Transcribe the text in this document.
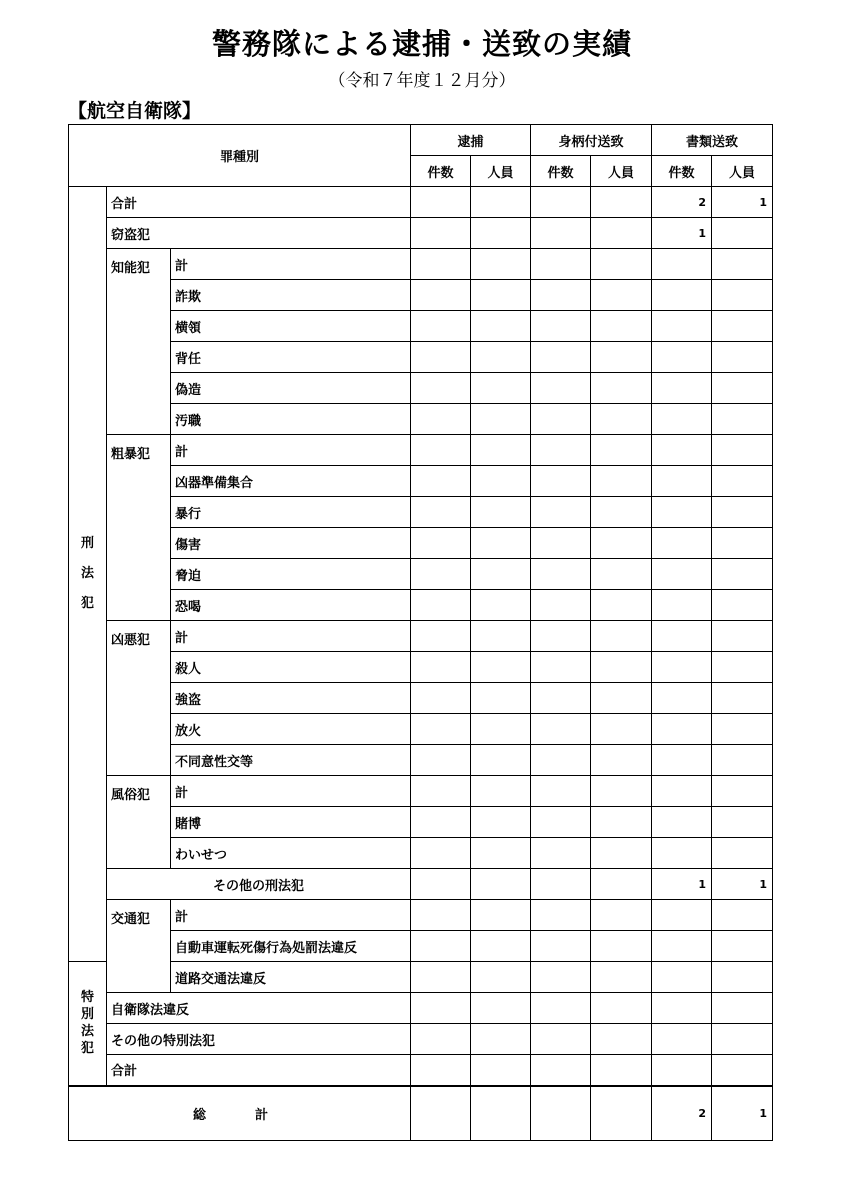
警務隊による逮捕・送致の実績
（令和７年度１２月分）
【航空自衛隊】
罪種別			逮捕		身柄付送致		書類送致	
			件数	人員	件数	人員	件数	人員
刑法犯	合計						2	1
	窃盗犯						1	
	知能犯	計						
		詐欺						
		横領						
		背任						
		偽造						
		汚職						
	粗暴犯	計						
		凶器準備集合						
		暴行						
		傷害						
		脅迫						
		恐喝						
	凶悪犯	計						
		殺人						
		強盗						
		放火						
		不同意性交等						
	風俗犯	計						
		賭博						
		わいせつ						
	その他の刑法犯						1	1
	交通犯	計						
		自動車運転死傷行為処罰法違反						
特別法犯		道路交通法違反						
	自衛隊法違反							
	その他の特別法犯							
	合計							
総　計							2	1
